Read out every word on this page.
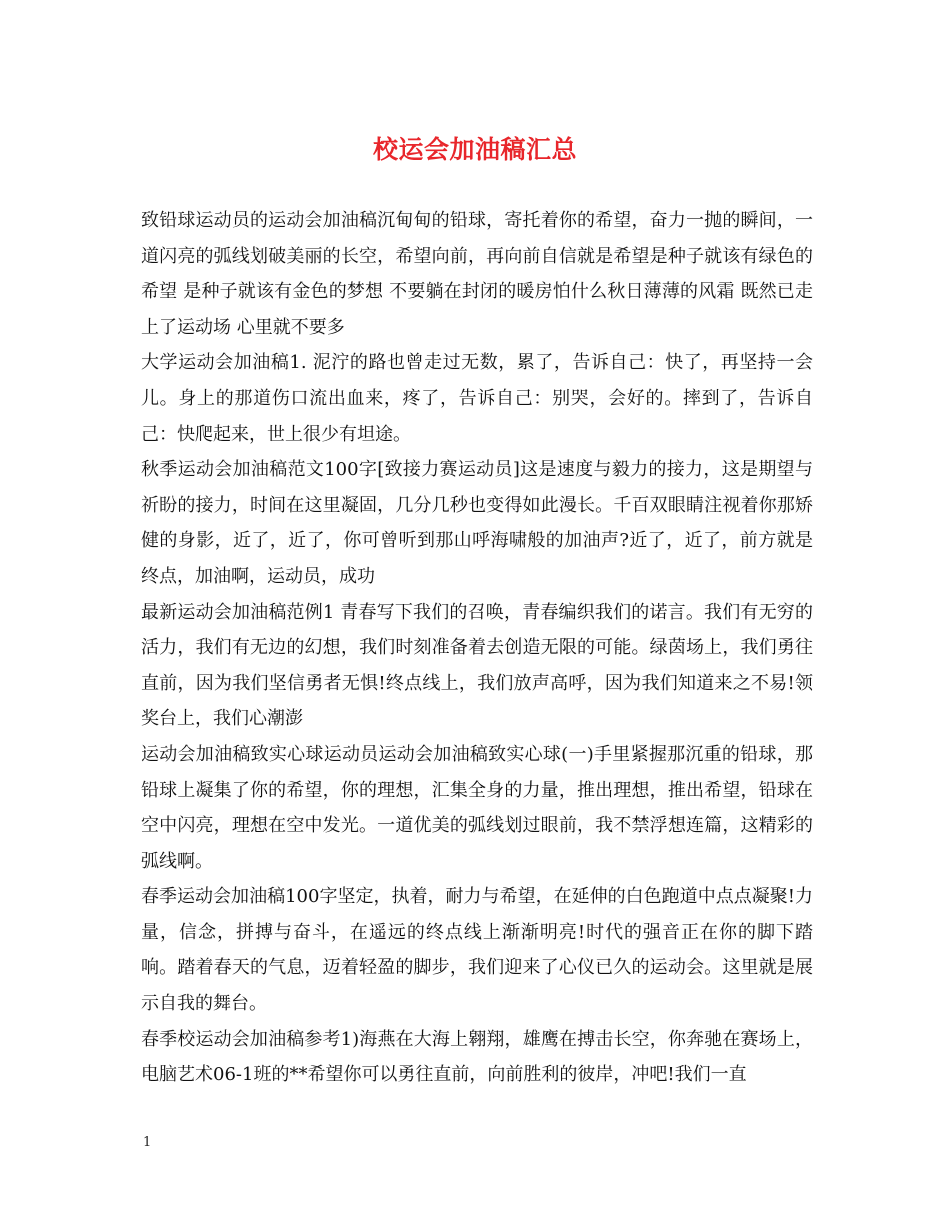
校运会加油稿汇总

致铅球运动员的运动会加油稿沉甸甸的铅球，寄托着你的希望，奋力一抛的瞬间，一道闪亮的弧线划破美丽的长空，希望向前，再向前自信就是希望是种子就该有绿色的希望 是种子就该有金色的梦想 不要躺在封闭的暖房怕什么秋日薄薄的风霜 既然已走上了运动场 心里就不要多

大学运动会加油稿1. 泥泞的路也曾走过无数，累了，告诉自己：快了，再坚持一会儿。身上的那道伤口流出血来，疼了，告诉自己：别哭，会好的。摔到了，告诉自己：快爬起来，世上很少有坦途。

秋季运动会加油稿范文100字[致接力赛运动员]这是速度与毅力的接力，这是期望与祈盼的接力，时间在这里凝固，几分几秒也变得如此漫长。千百双眼睛注视着你那矫健的身影，近了，近了，你可曾听到那山呼海啸般的加油声?近了，近了，前方就是终点，加油啊，运动员，成功

最新运动会加油稿范例1 青春写下我们的召唤，青春编织我们的诺言。我们有无穷的活力，我们有无边的幻想，我们时刻准备着去创造无限的可能。绿茵场上，我们勇往直前，因为我们坚信勇者无惧!终点线上，我们放声高呼，因为我们知道来之不易!领奖台上，我们心潮澎

运动会加油稿致实心球运动员运动会加油稿致实心球(一)手里紧握那沉重的铅球，那铅球上凝集了你的希望，你的理想，汇集全身的力量，推出理想，推出希望，铅球在空中闪亮，理想在空中发光。一道优美的弧线划过眼前，我不禁浮想连篇，这精彩的弧线啊。

春季运动会加油稿100字坚定，执着，耐力与希望，在延伸的白色跑道中点点凝聚!力量，信念，拼搏与奋斗，在遥远的终点线上渐渐明亮!时代的强音正在你的脚下踏响。踏着春天的气息，迈着轻盈的脚步，我们迎来了心仪已久的运动会。这里就是展示自我的舞台。

春季校运动会加油稿参考1)海燕在大海上翱翔，雄鹰在搏击长空，你奔驰在赛场上，电脑艺术06-1班的**希望你可以勇往直前，向前胜利的彼岸，冲吧!我们一直

1
